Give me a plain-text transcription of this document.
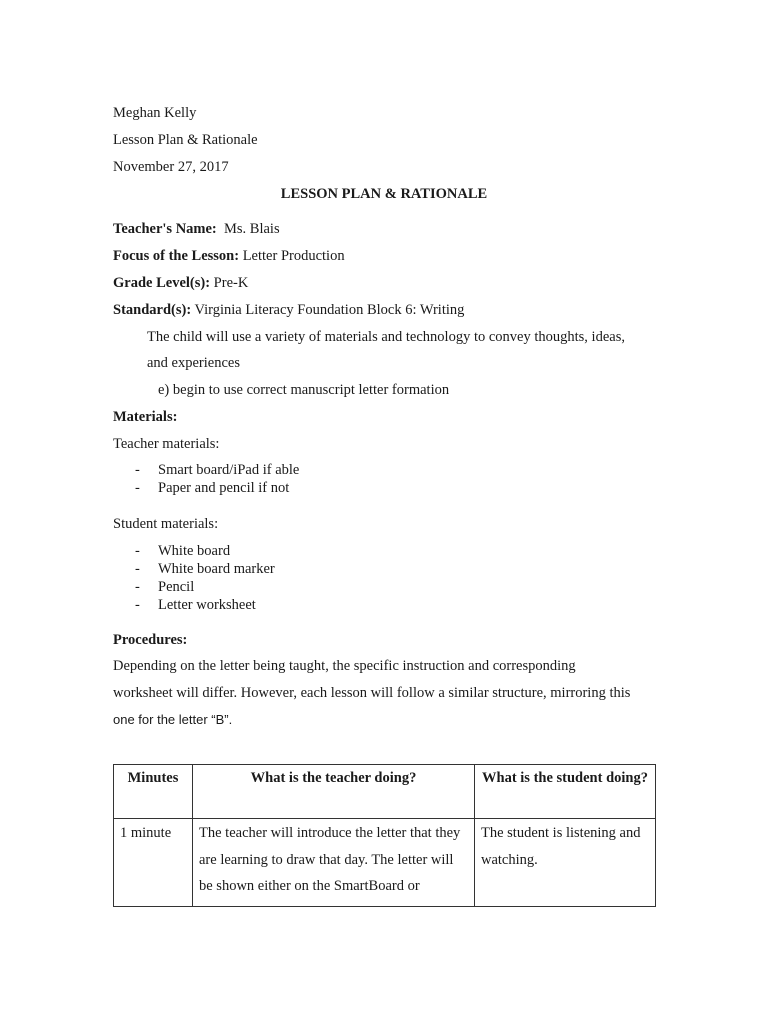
Meghan Kelly
Lesson Plan & Rationale
November 27, 2017
LESSON PLAN & RATIONALE
Teacher's Name: Ms. Blais
Focus of the Lesson: Letter Production
Grade Level(s): Pre-K
Standard(s): Virginia Literacy Foundation Block 6: Writing
The child will use a variety of materials and technology to convey thoughts, ideas,
and experiences
e) begin to use correct manuscript letter formation
Materials:
Teacher materials:
-	Smart board/iPad if able
-	Paper and pencil if not
Student materials:
-	White board
-	White board marker
-	Pencil
-	Letter worksheet
Procedures:
Depending on the letter being taught, the specific instruction and corresponding
worksheet will differ. However, each lesson will follow a similar structure, mirroring this
one for the letter “B”.
Minutes	What is the teacher doing?	What is the student doing?
1 minute	The teacher will introduce the letter that they are learning to draw that day. The letter will be shown either on the SmartBoard or	The student is listening and watching.
